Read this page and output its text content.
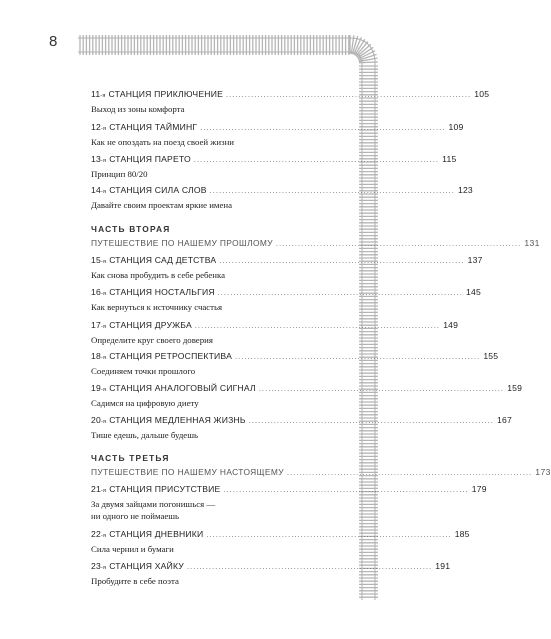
8
11 -я СТАНЦИЯ ПРИКЛЮЧЕНИЕ .............................................................................. 105
Выход из зоны комфорта
12 -я СТАНЦИЯ ТАЙМИНГ .............................................................................. 109
Как не опоздать на поезд своей жизни
13 -я СТАНЦИЯ ПАРЕТО .............................................................................. 115
Принцип 80/20
14 -я СТАНЦИЯ СИЛА СЛОВ .............................................................................. 123
Давайте своим проектам яркие имена
ЧАСТЬ ВТОРАЯ
ПУТЕШЕСТВИЕ ПО НАШЕМУ ПРОШЛОМУ .............................................................................. 131
15 -я СТАНЦИЯ САД ДЕТСТВА .............................................................................. 137
Как снова пробудить в себе ребенка
16 -я СТАНЦИЯ НОСТАЛЬГИЯ .............................................................................. 145
Как вернуться к источнику счастья
17 -я СТАНЦИЯ ДРУЖБА .............................................................................. 149
Определите круг своего доверия
18 -я СТАНЦИЯ РЕТРОСПЕКТИВА .............................................................................. 155
Соединяем точки прошлого
19 -я СТАНЦИЯ АНАЛОГОВЫЙ СИГНАЛ .............................................................................. 159
Садимся на цифровую диету
20 -я СТАНЦИЯ МЕДЛЕННАЯ ЖИЗНЬ .............................................................................. 167
Тише едешь, дальше будешь
ЧАСТЬ ТРЕТЬЯ
ПУТЕШЕСТВИЕ ПО НАШЕМУ НАСТОЯЩЕМУ .............................................................................. 173
21 -я СТАНЦИЯ ПРИСУТСТВИЕ .............................................................................. 179
За двумя зайцами погонишься —
ни одного не поймаешь
22 -я СТАНЦИЯ ДНЕВНИКИ .............................................................................. 185
Сила чернил и бумаги
23 -я СТАНЦИЯ ХАЙКУ .............................................................................. 191
Пробудите в себе поэта
